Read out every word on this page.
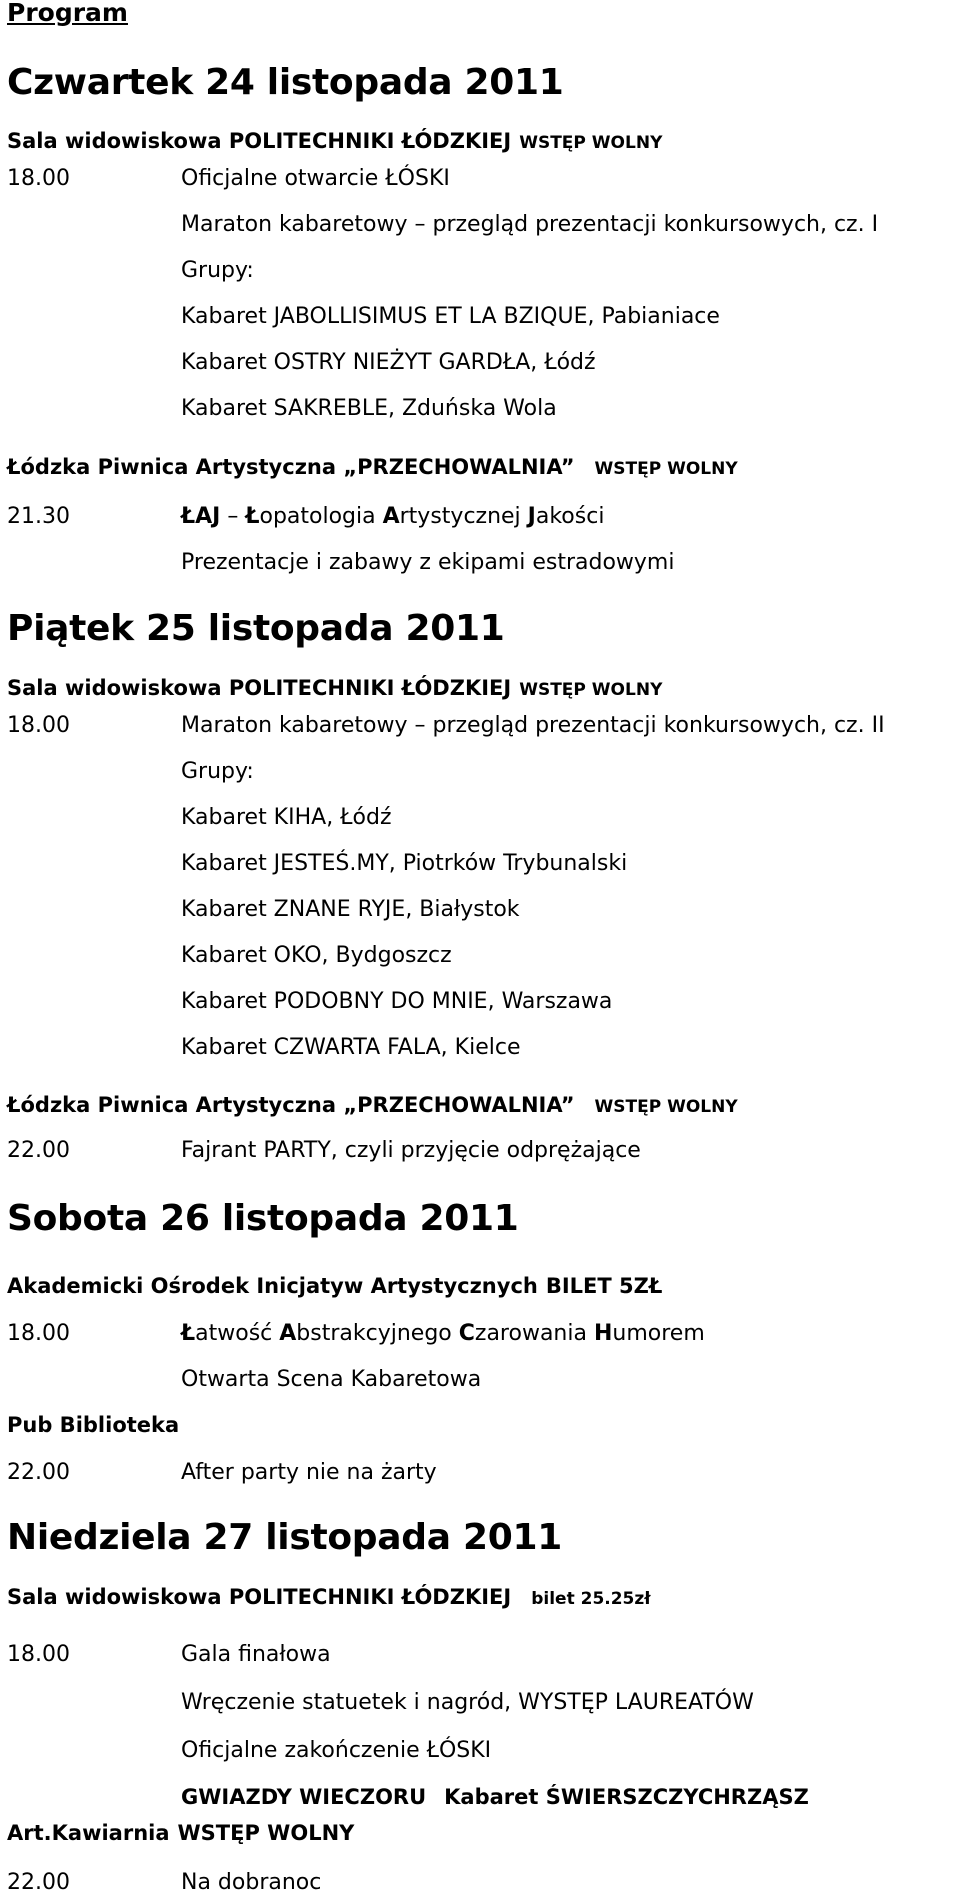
Program
Czwartek 24 listopada 2011
Sala widowiskowa POLITECHNIKI ŁÓDZKIEJ WSTĘP WOLNY
18.00	Oficjalne otwarcie ŁÓSKI
Maraton kabaretowy – przegląd prezentacji konkursowych, cz. I
Grupy:
Kabaret JABOLLISIMUS ET LA BZIQUE, Pabianiace
Kabaret OSTRY NIEŻYT GARDŁA, Łódź
Kabaret SAKREBLE, Zduńska Wola
Łódzka Piwnica Artystyczna „PRZECHOWALNIA” WSTĘP WOLNY
21.30	ŁAJ – Łopatologia Artystycznej Jakości
Prezentacje i zabawy z ekipami estradowymi
Piątek 25 listopada 2011
Sala widowiskowa POLITECHNIKI ŁÓDZKIEJ WSTĘP WOLNY
18.00	Maraton kabaretowy – przegląd prezentacji konkursowych, cz. II
Grupy:
Kabaret KIHA, Łódź
Kabaret JESTEŚ.MY, Piotrków Trybunalski
Kabaret ZNANE RYJE, Białystok
Kabaret OKO, Bydgoszcz
Kabaret PODOBNY DO MNIE, Warszawa
Kabaret CZWARTA FALA, Kielce
Łódzka Piwnica Artystyczna „PRZECHOWALNIA” WSTĘP WOLNY
22.00	Fajrant PARTY, czyli przyjęcie odprężające
Sobota 26 listopada 2011
Akademicki Ośrodek Inicjatyw Artystycznych BILET 5ZŁ
18.00	Łatwość Abstrakcyjnego Czarowania Humorem
Otwarta Scena Kabaretowa
Pub Biblioteka
22.00	After party nie na żarty
Niedziela 27 listopada 2011
Sala widowiskowa POLITECHNIKI ŁÓDZKIEJ bilet 25.25zł
18.00	Gala finałowa
Wręczenie statuetek i nagród, WYSTĘP LAUREATÓW
Oficjalne zakończenie ŁÓSKI
GWIAZDY WIECZORU Kabaret ŚWIERSZCZYCHRZĄSZ
Art.Kawiarnia WSTĘP WOLNY
22.00	Na dobranoc
